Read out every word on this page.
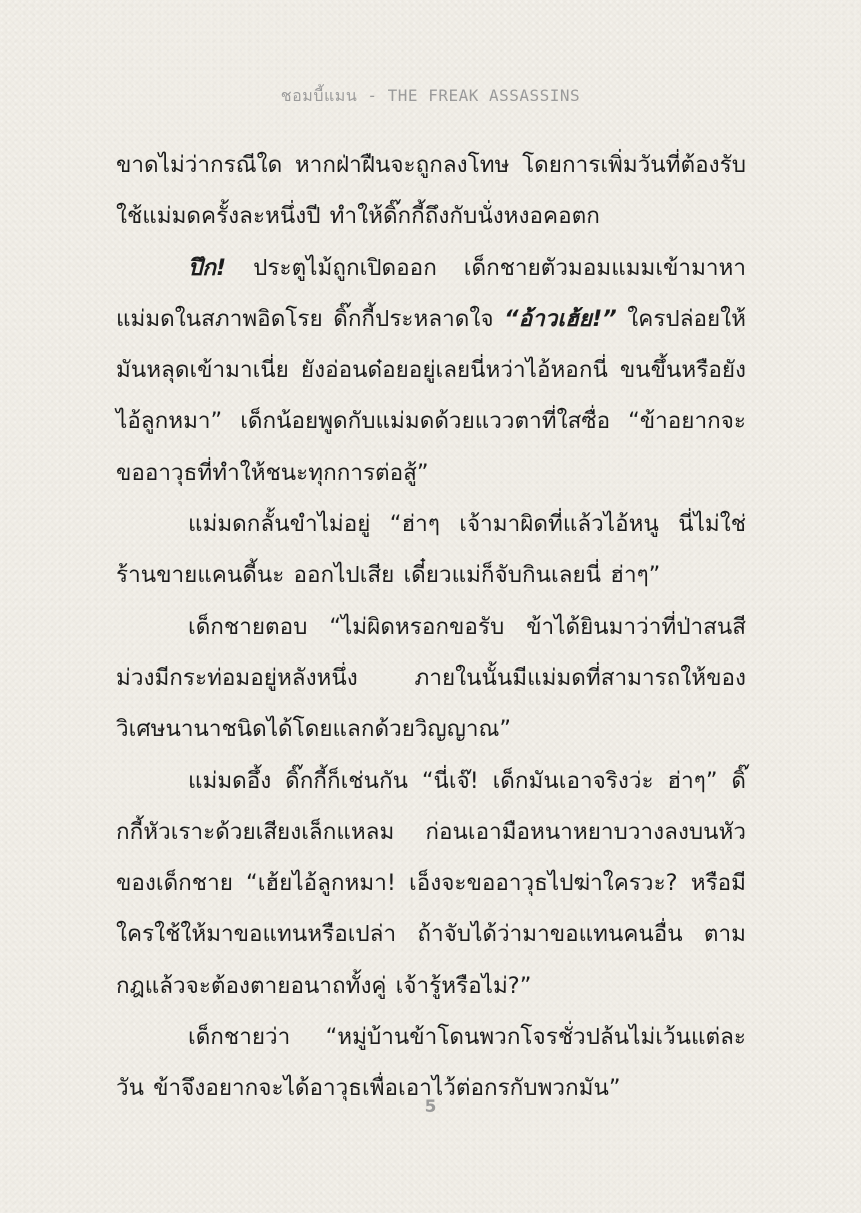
ชอมบี้แมน - THE FREAK ASSASSINS

ขาดไม่ว่ากรณีใด หากฝ่าฝืนจะถูกลงโทษ โดยการเพิ่มวันที่ต้องรับใช้แม่มดครั้งละหนึ่งปี ทำให้ดิ๊กกี้ถึงกับนั่งหงอคอตก

ปึก! ประตูไม้ถูกเปิดออก เด็กชายตัวมอมแมมเข้ามาหาแม่มดในสภาพอิดโรย ดิ๊กกี้ประหลาดใจ “อ้าวเฮ้ย!” ใครปล่อยให้มันหลุดเข้ามาเนี่ย ยังอ่อนด๋อยอยู่เลยนี่หว่าไอ้หอกนี่ ขนขึ้นหรือยังไอ้ลูกหมา” เด็กน้อยพูดกับแม่มดด้วยแววตาที่ใสซื่อ “ข้าอยากจะขออาวุธที่ทำให้ชนะทุกการต่อสู้”

แม่มดกลั้นขำไม่อยู่ “ฮ่าๆ เจ้ามาผิดที่แล้วไอ้หนู นี่ไม่ใช่ร้านขายแคนดี้นะ ออกไปเสีย เดี๋ยวแม่ก็จับกินเลยนี่ ฮ่าๆ”

เด็กชายตอบ “ไม่ผิดหรอกขอรับ ข้าได้ยินมาว่าที่ป่าสนสีม่วงมีกระท่อมอยู่หลังหนึ่ง ภายในนั้นมีแม่มดที่สามารถให้ของวิเศษนานาชนิดได้โดยแลกด้วยวิญญาณ”

แม่มดอึ้ง ดิ๊กกี้ก็เช่นกัน “นี่เจ๊! เด็กมันเอาจริงว่ะ ฮ่าๆ” ดิ๊กกี้หัวเราะด้วยเสียงเล็กแหลม ก่อนเอามือหนาหยาบวางลงบนหัวของเด็กชาย “เฮ้ยไอ้ลูกหมา! เอ็งจะขออาวุธไปฆ่าใครวะ? หรือมีใครใช้ให้มาขอแทนหรือเปล่า ถ้าจับได้ว่ามาขอแทนคนอื่น ตามกฎแล้วจะต้องตายอนาถทั้งคู่ เจ้ารู้หรือไม่?”

เด็กชายว่า “หมู่บ้านข้าโดนพวกโจรชั่วปล้นไม่เว้นแต่ละวัน ข้าจึงอยากจะได้อาวุธเพื่อเอาไว้ต่อกรกับพวกมัน”

5
